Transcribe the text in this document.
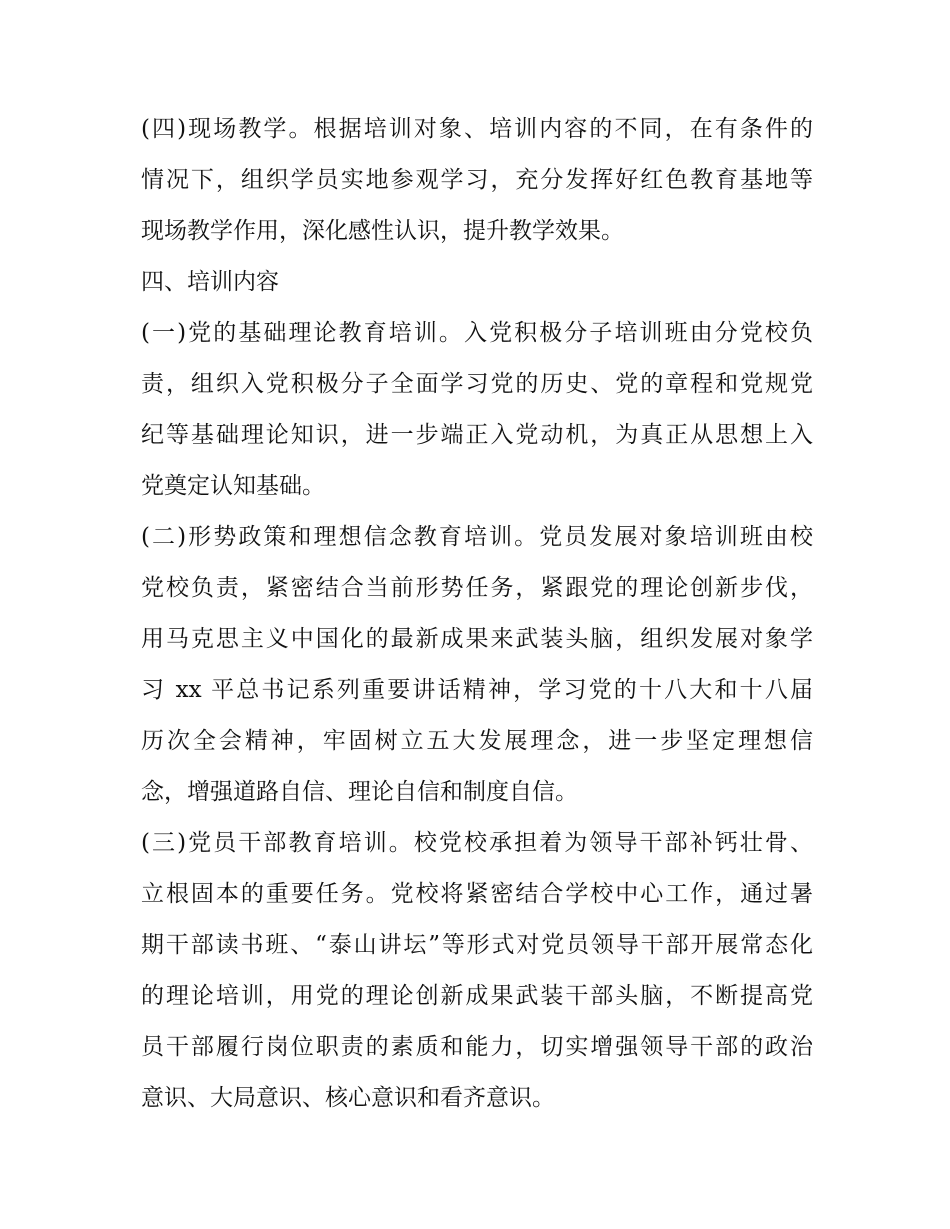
(四)现场教学。根据培训对象、培训内容的不同，在有条件的
情况下，组织学员实地参观学习，充分发挥好红色教育基地等
现场教学作用，深化感性认识，提升教学效果。
四、培训内容
(一)党的基础理论教育培训。入党积极分子培训班由分党校负
责，组织入党积极分子全面学习党的历史、党的章程和党规党
纪等基础理论知识，进一步端正入党动机，为真正从思想上入
党奠定认知基础。
(二)形势政策和理想信念教育培训。党员发展对象培训班由校
党校负责，紧密结合当前形势任务，紧跟党的理论创新步伐，
用马克思主义中国化的最新成果来武装头脑，组织发展对象学
习 xx 平总书记系列重要讲话精神，学习党的十八大和十八届
历次全会精神，牢固树立五大发展理念，进一步坚定理想信
念，增强道路自信、理论自信和制度自信。
(三)党员干部教育培训。校党校承担着为领导干部补钙壮骨、
立根固本的重要任务。党校将紧密结合学校中心工作，通过暑
期干部读书班、“泰山讲坛”等形式对党员领导干部开展常态化
的理论培训，用党的理论创新成果武装干部头脑，不断提高党
员干部履行岗位职责的素质和能力，切实增强领导干部的政治
意识、大局意识、核心意识和看齐意识。
